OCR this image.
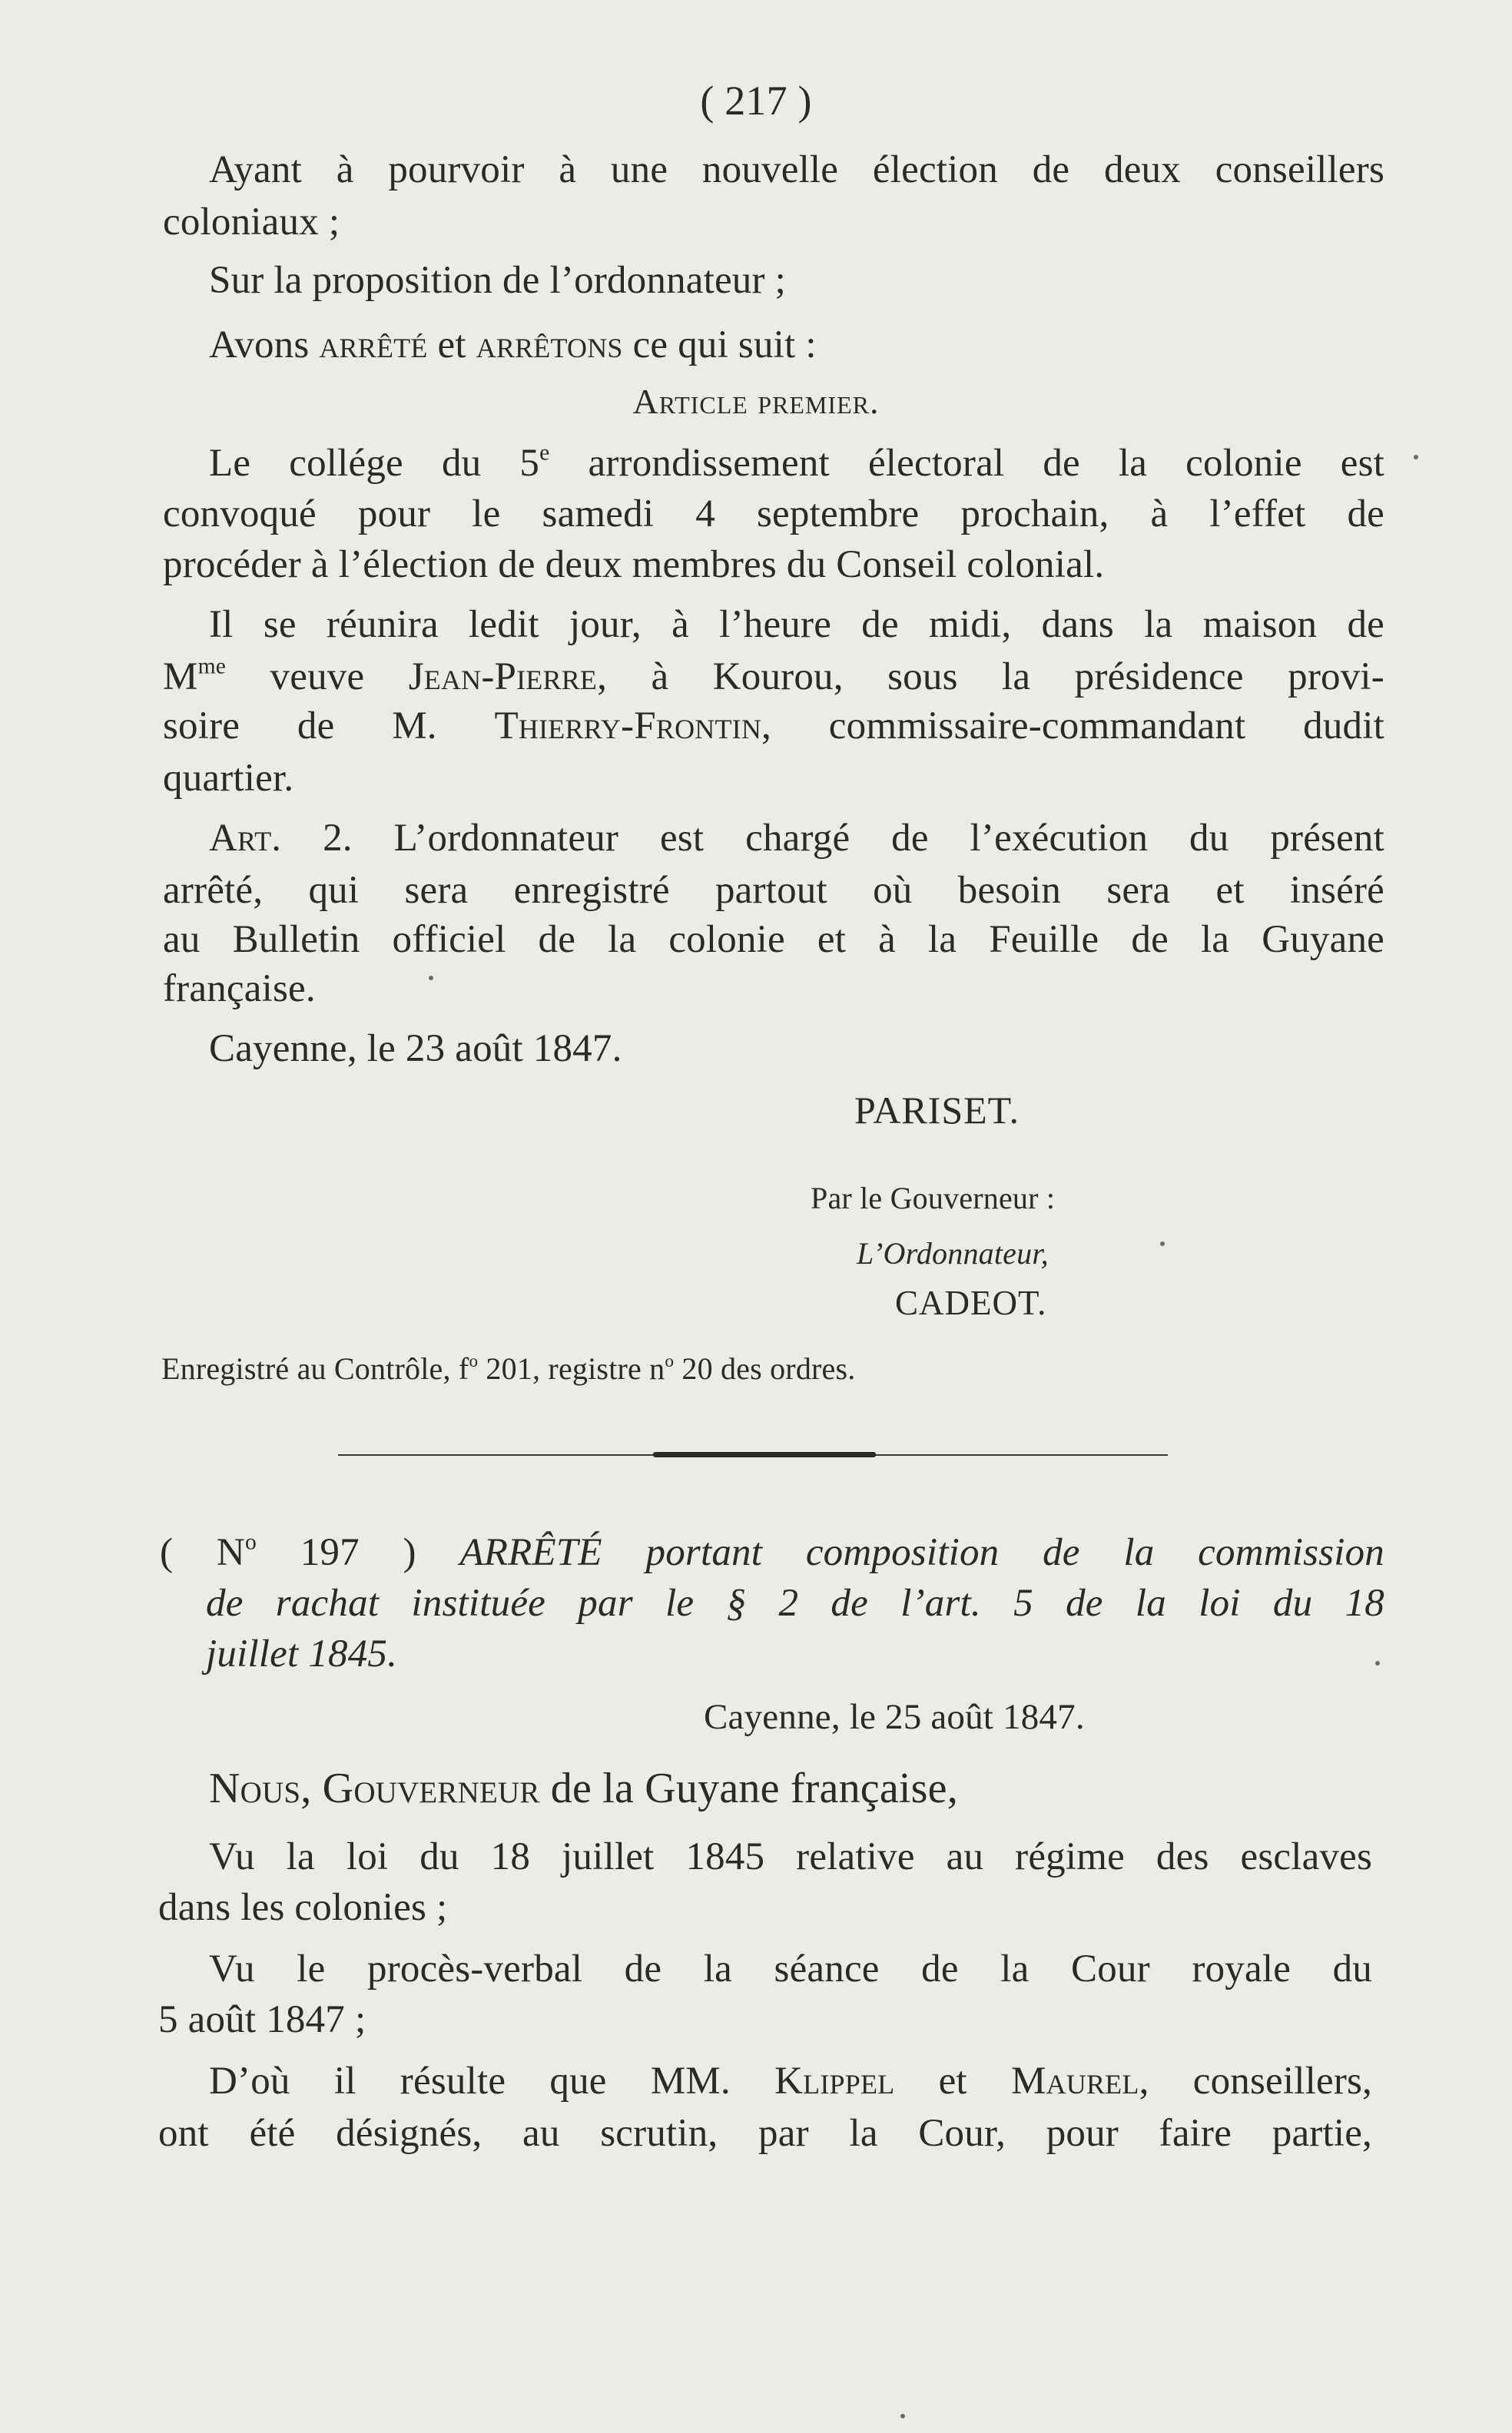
( 217 )
Ayant à pourvoir à une nouvelle élection de deux conseillers
coloniaux ;
Sur la proposition de l’ordonnateur ;
Avons arrêté et arrêtons ce qui suit :
Article premier.
Le collége du 5e arrondissement électoral de la colonie est
convoqué pour le samedi 4 septembre prochain, à l’effet de
procéder à l’élection de deux membres du Conseil colonial.
Il se réunira ledit jour, à l’heure de midi, dans la maison de
$M^{me}$ veuve Jean-Pierre, à Kourou, sous la présidence provi-
soire de M. Thierry-Frontin, commissaire-commandant dudit
quartier.
Art. 2. L’ordonnateur est chargé de l’exécution du présent
arrêté, qui sera enregistré partout où besoin sera et inséré
au Bulletin officiel de la colonie et à la Feuille de la Guyane
française.
Cayenne, le 23 août 1847.
PARISET.
Par le Gouverneur :
L’Ordonnateur,
CADEOT.
Enregistré au Contrôle, $f^o$ 201, registre $n^o$ 20 des ordres.
( $N^o$ 197 ) ARRÊTÉ portant composition de la commission
de rachat instituée par le § 2 de l’art. 5 de la loi du 18
juillet 1845.
Cayenne, le 25 août 1847.
Nous, Gouverneur de la Guyane française,
Vu la loi du 18 juillet 1845 relative au régime des esclaves
dans les colonies ;
Vu le procès-verbal de la séance de la Cour royale du
5 août 1847 ;
D’où il résulte que MM. Klippel et Maurel, conseillers,
ont été désignés, au scrutin, par la Cour, pour faire partie,
